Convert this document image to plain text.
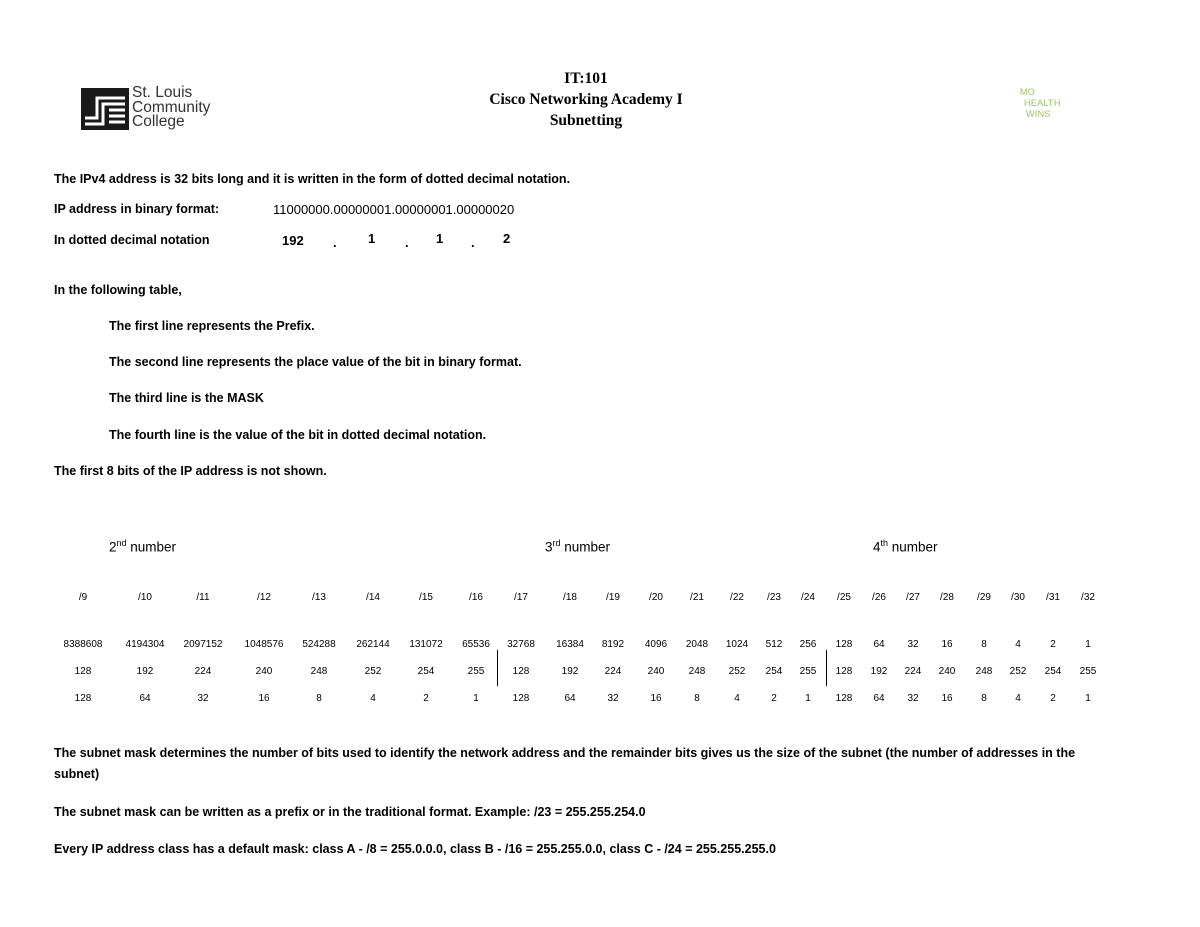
St. Louis
Community
College
IT:101
Cisco Networking Academy I
Subnetting
MO
HEALTH
WINS
The IPv4 address is 32 bits long and it is written in the form of dotted decimal notation.
IP address in binary format:	11000000.00000001.00000001.00000020
In dotted decimal notation	192 . 1 . 1 . 2
In the following table,
The first line represents the Prefix.
The second line represents the place value of the bit in binary format.
The third line is the MASK
The fourth line is the value of the bit in dotted decimal notation.
The first 8 bits of the IP address is not shown.
2nd number	3rd number	4th number
/9	/10	/11	/12	/13	/14	/15	/16	/17	/18	/19	/20	/21	/22	/23	/24	/25	/26	/27	/28	/29	/30	/31	/32
8388608	4194304	2097152	1048576	524288	262144	131072	65536	32768	16384	8192	4096	2048	1024	512	256	128	64	32	16	8	4	2	1
128	192	224	240	248	252	254	255	128	192	224	240	248	252	254	255	128	192	224	240	248	252	254	255
128	64	32	16	8	4	2	1	128	64	32	16	8	4	2	1	128	64	32	16	8	4	2	1
The subnet mask determines the number of bits used to identify the network address and the remainder bits gives us the size of the subnet (the number of addresses in the
subnet)
The subnet mask can be written as a prefix or in the traditional format. Example: /23 = 255.255.254.0
Every IP address class has a default mask: class A - /8 = 255.0.0.0, class B - /16 = 255.255.0.0, class C - /24 = 255.255.255.0
